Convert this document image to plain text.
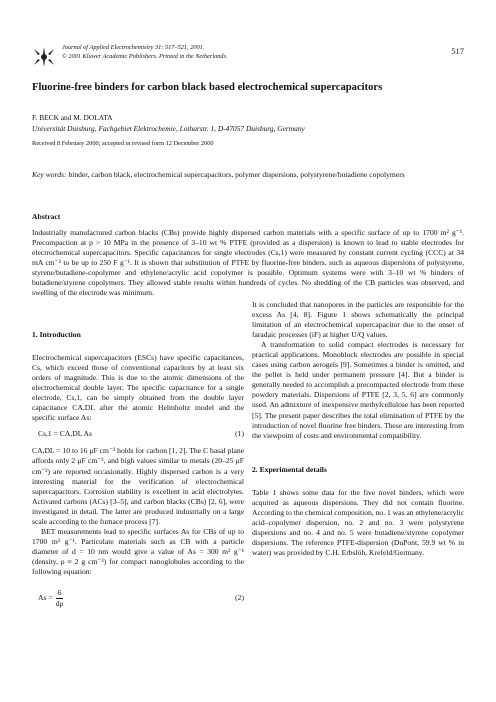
Journal of Applied Electrochemistry 31: 517–521, 2001.
© 2001 Kluwer Academic Publishers. Printed in the Netherlands.
517
Fluorine-free binders for carbon black based electrochemical supercapacitors
F. BECK and M. DOLATA
Universität Duisburg, Fachgebiet Elektrochemie, Lotharstr. 1, D-47057 Duisburg, Germany
Received 8 February 2000; accepted in revised form 12 December 2000
Key words: binder, carbon black, electrochemical supercapacitors, polymer dispersions, polystyrene/butadiene copolymers
Abstract
Industrially manufactured carbon blacks (CBs) provide highly dispersed carbon materials with a specific surface of up to 1700 m² g⁻¹. Precompaction at p > 10 MPa in the presence of 3–10 wt % PTFE (provided as a dispersion) is known to lead to stable electrodes for electrochemical supercapacitors. Specific capacitances for single electrodes (Cs,1) were measured by constant current cycling (CCC) at 34 mA cm⁻² to be up to 250 F g⁻¹. It is shown that substitution of PTFE by fluorine-free binders, such as aqueous dispersions of polystyrene, styrene/butadiene-copolymer and ethylene/acrylic acid copolymer is possible. Optimum systems were with 3–10 wt % binders of butadiene/styrene copolymers. They allowed stable results within hundreds of cycles. No shedding of the CB particles was observed, and swelling of the electrode was minimum.
1. Introduction

Electrochemical supercapacitors (ESCs) have specific capacitances, Cs, which exceed those of conventional capacitors by at least six orders of magnitude. This is due to the atomic dimensions of the electrochemical double layer. The specific capacitance for a single electrode, Cs,1, can be simply obtained from the double layer capacitance CA,DL after the atomic Helmholtz model and the specific surface As:

Cs,1 = CA,DL As	(1)

CA,DL = 10 to 16 μF cm⁻² holds for carbon [1, 2]. The C basal plane affords only 2 μF cm⁻², and high values similar to metals (20–25 μF cm⁻²) are reported occasionally. Highly dispersed carbon is a very interesting material for the verification of electrochemical supercapacitors. Corrosion stability is excellent in acid electrolytes. Activated carbons (ACs) [3–5], and carbon blacks (CBs) [2, 6], were investigated in detail. The latter are produced industrially on a large scale according to the furnace process [7].

BET measurements lead to specific surfaces As for CBs of up to 1700 m² g⁻¹. Particulate materials such as CB with a particle diameter of d = 10 nm would give a value of As = 300 m² g⁻¹ (density, ρ ≈ 2 g cm⁻³) for compact nanoglobules according to the following equation:

$As = \frac{6}{d\rho}$	(2)

It is concluded that nanopores in the particles are responsible for the excess As [4, 8]. Figure 1 shows schematically the principal limitation of an electrochemical supercapacitor due to the onset of faradaic processes (iF) at higher U/Q values.

A transformation to solid compact electrodes is necessary for practical applications. Monoblock electrodes are possible in special cases using carbon aerogels [9]. Sometimes a binder is omitted, and the pellet is held under permanent pressure [4]. But a binder is generally needed to accomplish a precompacted electrode from these powdery materials. Dispersions of PTFE [2, 3, 5, 6] are commonly used. An admixture of inexpensive methylcellulose has been reported [5]. The present paper describes the total elimination of PTFE by the introduction of novel fluorine free binders. These are interesting from the viewpoint of costs and environmental compatibility.

2. Experimental details

Table 1 shows some data for the five novel binders, which were acquired as aqueous dispersions. They did not contain fluorine. According to the chemical composition, no. 1 was an ethylene/acrylic acid–copolymer dispersion, no. 2 and no. 3 were polystyrene dispersions and no. 4 and no. 5 were butadiene/styrene copolymer dispersions. The reference PTFE-dispersion (DuPont, 59.9 wt % in water) was provided by C.H. Erbslöh, Krefeld/Germany.
